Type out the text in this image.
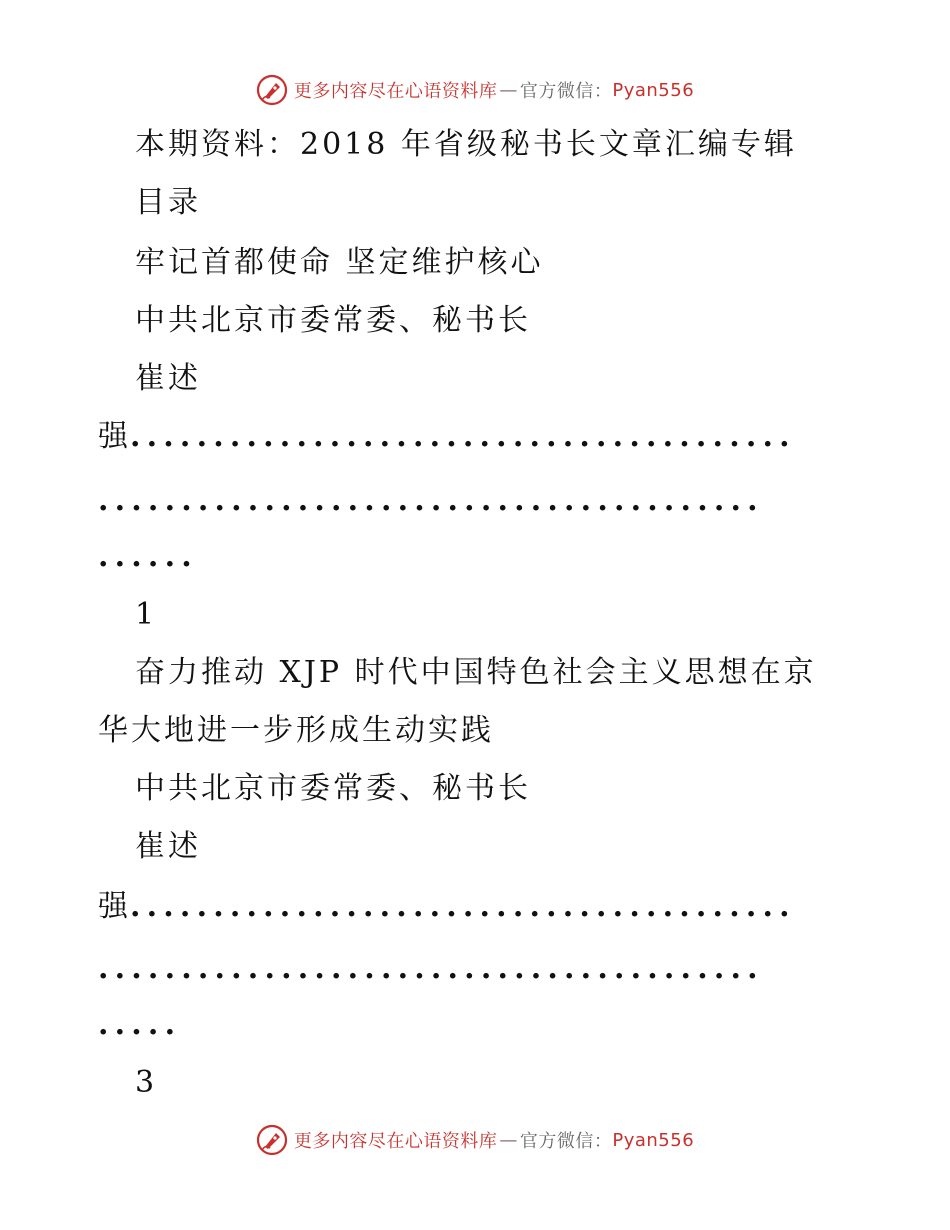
更多内容尽在心语资料库 — 官方微信： Pyan556
本期资料：2018 年省级秘书长文章汇编专辑
目录
牢记首都使命 坚定维护核心
中共北京市委常委、秘书长
崔述
强 ........................................
........................................
......
1
奋力推动 XJP 时代中国特色社会主义思想在京
华大地进一步形成生动实践
中共北京市委常委、秘书长
崔述
强 ........................................
........................................
.....
3
更多内容尽在心语资料库 — 官方微信： Pyan556
